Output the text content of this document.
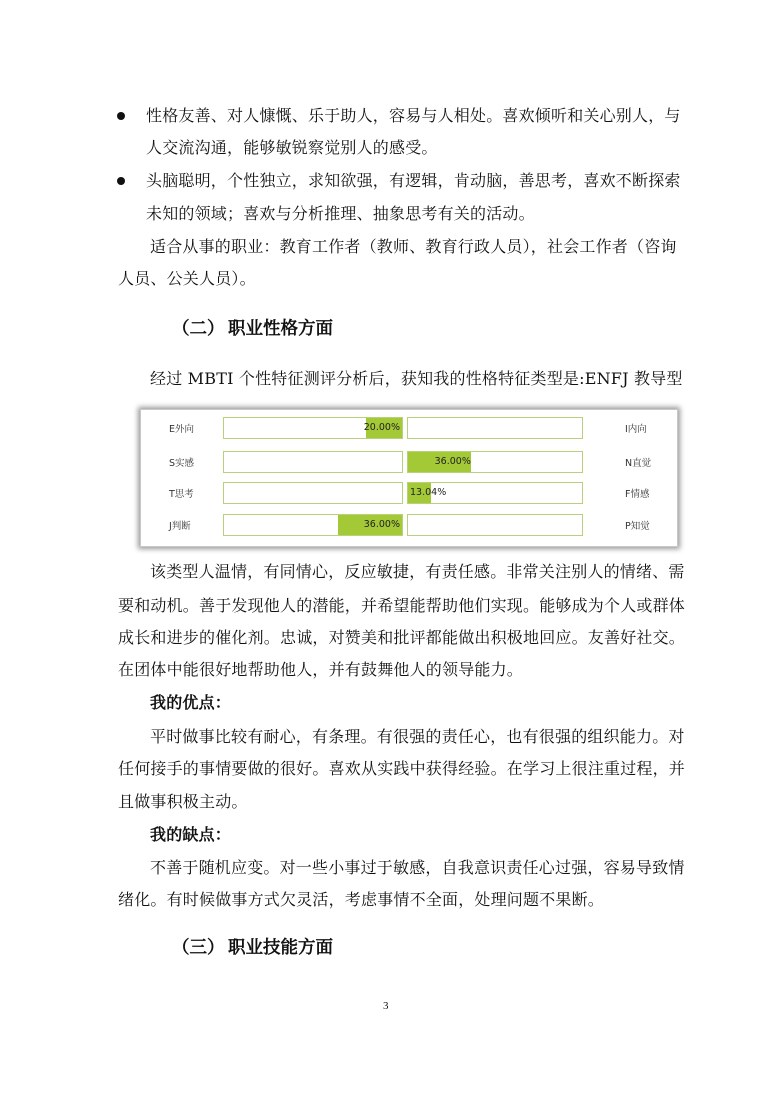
性格友善、对人慷慨、乐于助人，容易与人相处。喜欢倾听和关心别人，与
人交流沟通，能够敏锐察觉别人的感受。
头脑聪明，个性独立，求知欲强，有逻辑，肯动脑，善思考，喜欢不断探索
未知的领域；喜欢与分析推理、抽象思考有关的活动。
适合从事的职业：教育工作者（教师、教育行政人员），社会工作者（咨询
人员、公关人员）。
（二） 职业性格方面
经过 MBTI 个性特征测评分析后，获知我的性格特征类型是:ENFJ 教导型
E外向	20.00%	I内向
S实感	36.00%	N直觉
T思考	13.04%	F情感
J判断	36.00%	P知觉
该类型人温情，有同情心，反应敏捷，有责任感。非常关注别人的情绪、需
要和动机。善于发现他人的潜能，并希望能帮助他们实现。能够成为个人或群体
成长和进步的催化剂。忠诚，对赞美和批评都能做出积极地回应。友善好社交。
在团体中能很好地帮助他人，并有鼓舞他人的领导能力。
我的优点：
平时做事比较有耐心，有条理。有很强的责任心，也有很强的组织能力。对
任何接手的事情要做的很好。喜欢从实践中获得经验。在学习上很注重过程，并
且做事积极主动。
我的缺点：
不善于随机应变。对一些小事过于敏感，自我意识责任心过强，容易导致情
绪化。有时候做事方式欠灵活，考虑事情不全面，处理问题不果断。
（三） 职业技能方面
3
